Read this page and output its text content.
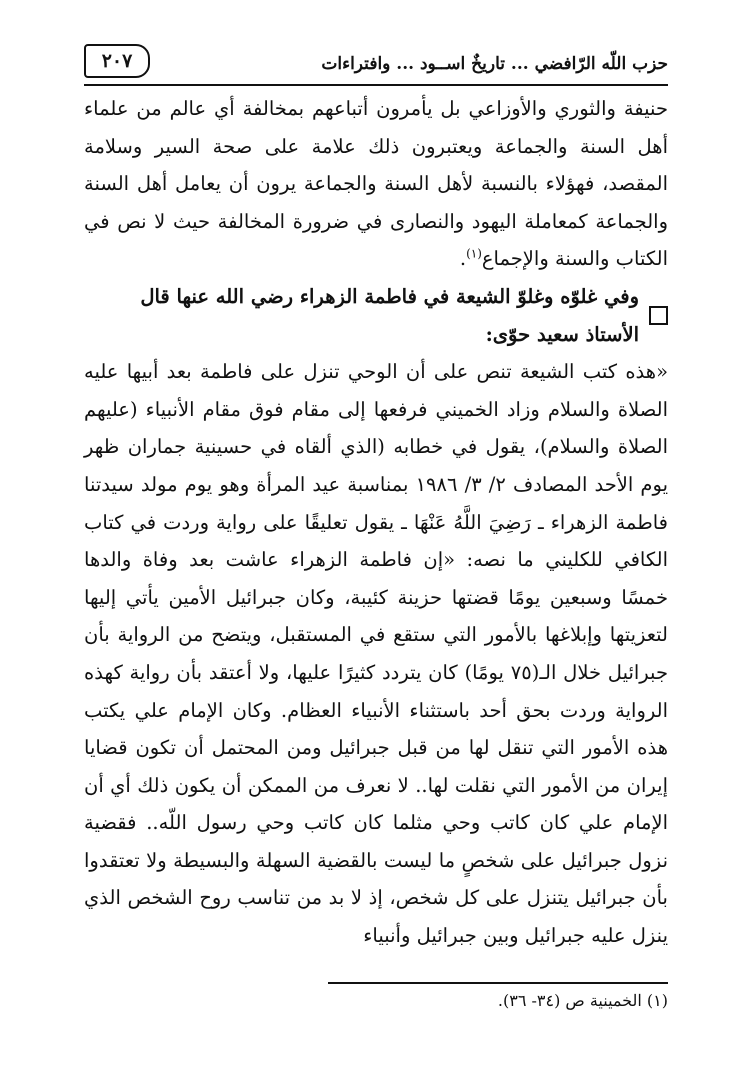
حزب اللّه الرّافضي ... تاريخٌ اســود ... وافتراءات
٢٠٧

حنيفة والثوري والأوزاعي بل يأمرون أتباعهم بمخالفة أي عالم من علماء أهل السنة والجماعة ويعتبرون ذلك علامة على صحة السير وسلامة المقصد، فهؤلاء بالنسبة لأهل السنة والجماعة يرون أن يعامل أهل السنة والجماعة كمعاملة اليهود والنصارى في ضرورة المخالفة حيث لا نص في الكتاب والسنة والإجماع$^{(١)}$.

وفي غلوّه وغلوّ الشيعة في فاطمة الزهراء رضي الله عنها قال الأستاذ سعيد حوّى:

«هذه كتب الشيعة تنص على أن الوحي تنزل على فاطمة بعد أبيها عليه الصلاة والسلام وزاد الخميني فرفعها إلى مقام فوق مقام الأنبياء (عليهم الصلاة والسلام)، يقول في خطابه (الذي ألقاه في حسينية جماران ظهر يوم الأحد المصادف ٢/ ٣/ ١٩٨٦ بمناسبة عيد المرأة وهو يوم مولد سيدتنا فاطمة الزهراء ـ رَضِيَ اللَّهُ عَنْهَا ـ يقول تعليقًا على رواية وردت في كتاب الكافي للكليني ما نصه: «إن فاطمة الزهراء عاشت بعد وفاة والدها خمسًا وسبعين يومًا قضتها حزينة كئيبة، وكان جبرائيل الأمين يأتي إليها لتعزيتها وإبلاغها بالأمور التي ستقع في المستقبل، ويتضح من الرواية بأن جبرائيل خلال الـ(٧٥ يومًا) كان يتردد كثيرًا عليها، ولا أعتقد بأن رواية كهذه الرواية وردت بحق أحد باستثناء الأنبياء العظام. وكان الإمام علي يكتب هذه الأمور التي تنقل لها من قبل جبرائيل ومن المحتمل أن تكون قضايا إيران من الأمور التي نقلت لها.. لا نعرف من الممكن أن يكون ذلك أي أن الإمام علي كان كاتب وحي مثلما كان كاتب وحي رسول اللّه.. فقضية نزول جبرائيل على شخصٍ ما ليست بالقضية السهلة والبسيطة ولا تعتقدوا بأن جبرائيل يتنزل على كل شخص، إذ لا بد من تناسب روح الشخص الذي ينزل عليه جبرائيل وبين جبرائيل وأنبياء

(١) الخمينية ص (٣٤- ٣٦).
